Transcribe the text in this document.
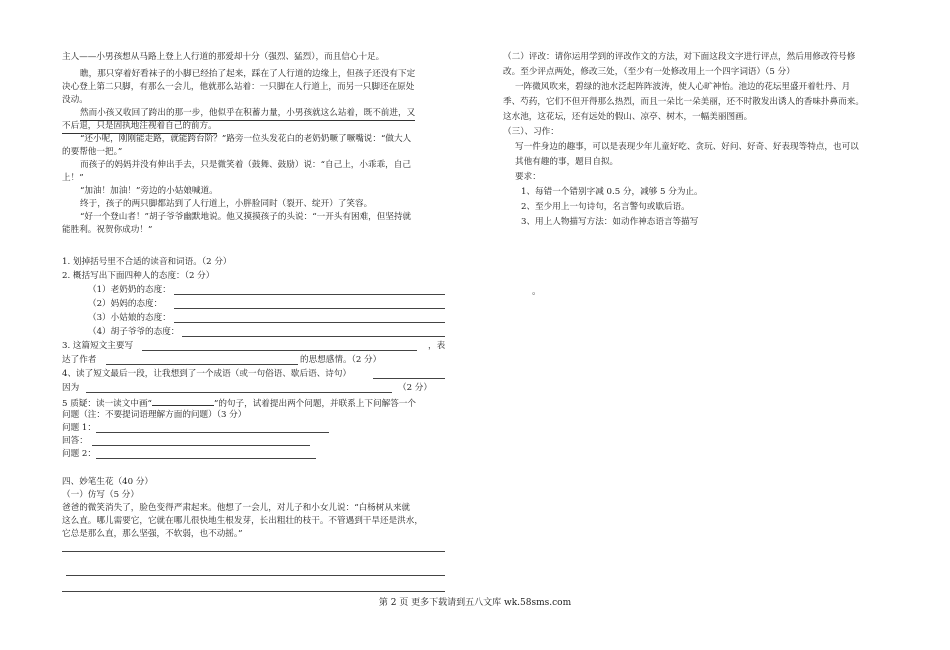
主人——小男孩想从马路上登上人行道的那爱却十分（强烈、猛烈），而且信心十足。
瞧，那只穿着好看袜子的小脚已经抬了起来，踩在了人行道的边缘上，但孩子还没有下定
决心登上第二只脚，有那么一会儿，他就那么站着：一只脚在人行道上，而另一只脚还在原处
没动。
然而小孩又收回了跨出的那一步，他似乎在积蓄力量，小男孩就这么站着，既不前进，又
不后退，只是固执地注视着自己的前方。
“还小呢，刚刚能走路，就能跨台阶？”路旁一位头发花白的老奶奶噘了噘嘴说：“做大人
的要帮他一把。”
而孩子的妈妈并没有伸出手去，只是微笑着（鼓舞、鼓励）说：“自己上，小乖乖，自己
上！”
“加油！加油！”旁边的小姑娘喊道。
终于，孩子的两只脚都站到了人行道上，小胖脸同时（裂开、绽开）了笑容。
“好一个登山者！”胡子爷爷幽默地说。他又摸摸孩子的头说：“一开头有困难，但坚持就
能胜利。祝贺你成功！”
1. 划掉括号里不合适的读音和词语。（2 分）
2. 概括写出下面四种人的态度：（2 分）
（1）老奶奶的态度：
（2）妈妈的态度：
（3）小姑娘的态度：
（4）胡子爷爷的态度：
3. 这篇短文主要写	，表
达了作者	的思想感情。（2 分）
4、读了短文最后一段，让我想到了一个成语（或一句俗语、歇后语、诗句）
因为	（2 分）
5 质疑：读一读文中画“	”的句子，试着提出两个问题，并联系上下问解答一个
问题（注：不要提词语理解方面的问题）（3 分）
问题 1：
回答：
问题 2：
四、妙笔生花（40 分）
（一）仿写（5 分）
爸爸的微笑消失了，脸色变得严肃起来。他想了一会儿，对儿子和小女儿说：“白杨树从来就
这么直。哪儿需要它，它就在哪儿很快地生根发芽，长出粗壮的枝干。不管遇到干旱还是洪水，
它总是那么直，那么坚强，不软弱，也不动摇。”
（二）评改：请你运用学到的评改作文的方法，对下面这段文字进行评点，然后用修改符号修
改。至少评点两处，修改三处，（至少有一处修改用上一个四字词语）（5 分）
一阵微风吹来，碧绿的池水泛起阵阵波涛，使人心旷神怡。池边的花坛里盛开着牡丹、月
季、芍药，它们不但开得那么热烈，而且一朵比一朵美丽，还不时散发出诱人的香味扑鼻而来。
这水池，这花坛，还有远处的假山、凉亭、树木，一幅美丽图画。
（三）、习作：
写一件身边的趣事，可以是表现少年儿童好吃、贪玩、好问、好奇、好表现等特点，也可以
其他有趣的事，题目自拟。
要求：
1、每错一个错别字减 0.5 分，减够 5 分为止。
2、至少用上一句诗句，名言警句或歇后语。
3、用上人物描写方法：如动作神态语言等描写
。
第 2 页 更多下载请到五八文库 wk.58sms.com
